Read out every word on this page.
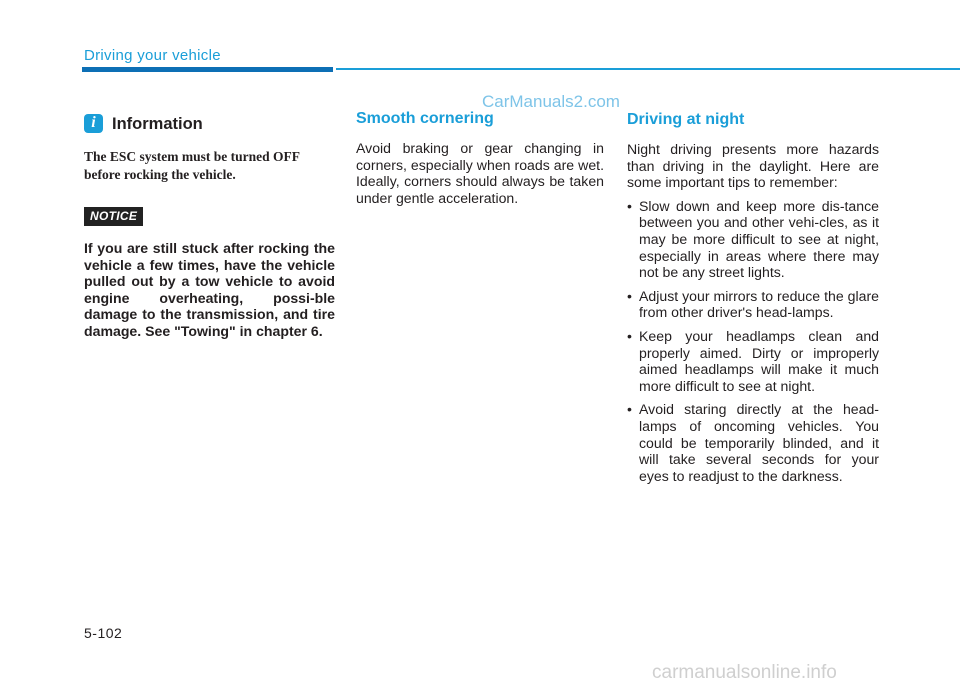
Driving your vehicle
CarManuals2.com
i Information
The ESC system must be turned OFF before rocking the vehicle.
NOTICE
If you are still stuck after rocking the vehicle a few times, have the vehicle pulled out by a tow vehicle to avoid engine overheating, possi-ble damage to the transmission, and tire damage. See "Towing" in chapter 6.
Smooth cornering
Avoid braking or gear changing in corners, especially when roads are wet. Ideally, corners should always be taken under gentle acceleration.
Driving at night
Night driving presents more hazards than driving in the daylight. Here are some important tips to remember:
• Slow down and keep more dis-tance between you and other vehi-cles, as it may be more difficult to see at night, especially in areas where there may not be any street lights.
• Adjust your mirrors to reduce the glare from other driver's head-lamps.
• Keep your headlamps clean and properly aimed. Dirty or improperly aimed headlamps will make it much more difficult to see at night.
• Avoid staring directly at the head-lamps of oncoming vehicles. You could be temporarily blinded, and it will take several seconds for your eyes to readjust to the darkness.
5-102
carmanualsonline.info
